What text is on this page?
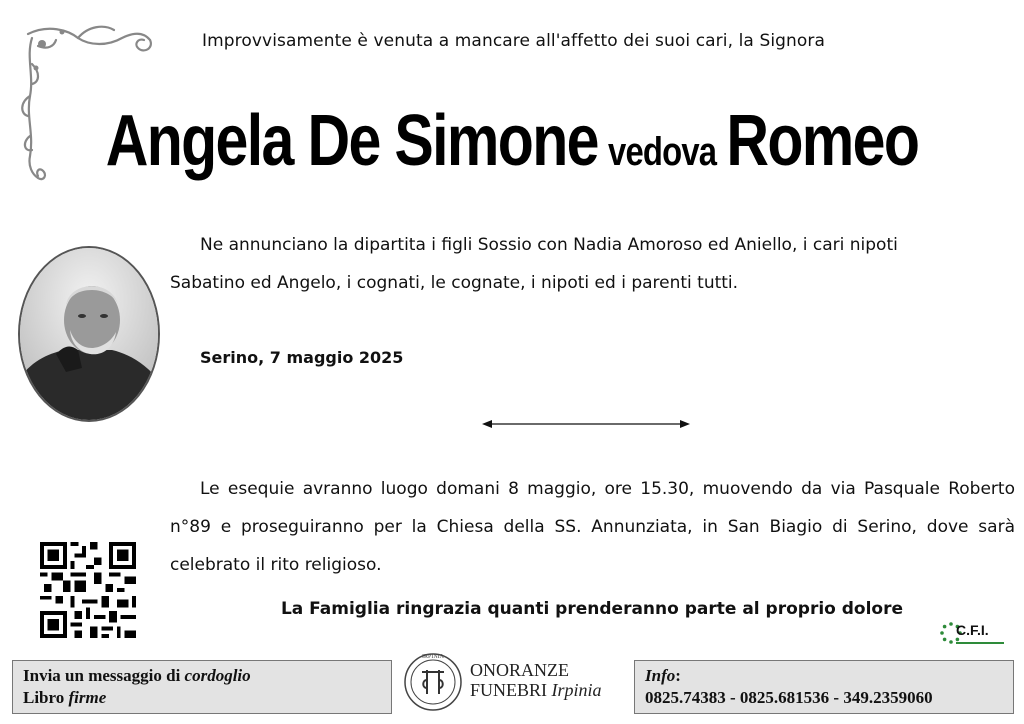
Improvvisamente è venuta a mancare all'affetto dei suoi cari, la Signora
Angela De Simone vedova Romeo
Ne annunciano la dipartita i figli Sossio con Nadia Amoroso ed Aniello, i cari nipoti
Sabatino ed Angelo, i cognati, le cognate, i nipoti ed i parenti tutti.
Serino, 7 maggio 2025
Le esequie avranno luogo domani 8 maggio, ore 15.30, muovendo da via Pasquale Roberto n°89 e proseguiranno per la Chiesa della SS. Annunziata, in San Biagio di Serino, dove sarà celebrato il rito religioso.
La Famiglia ringrazia quanti prenderanno parte al proprio dolore
C.F.I.
Invia un messaggio di cordoglio
Libro firme
IRPINIA
ONORANZE
FUNEBRI Irpinia
Info:
0825.74383 - 0825.681536 - 349.2359060
